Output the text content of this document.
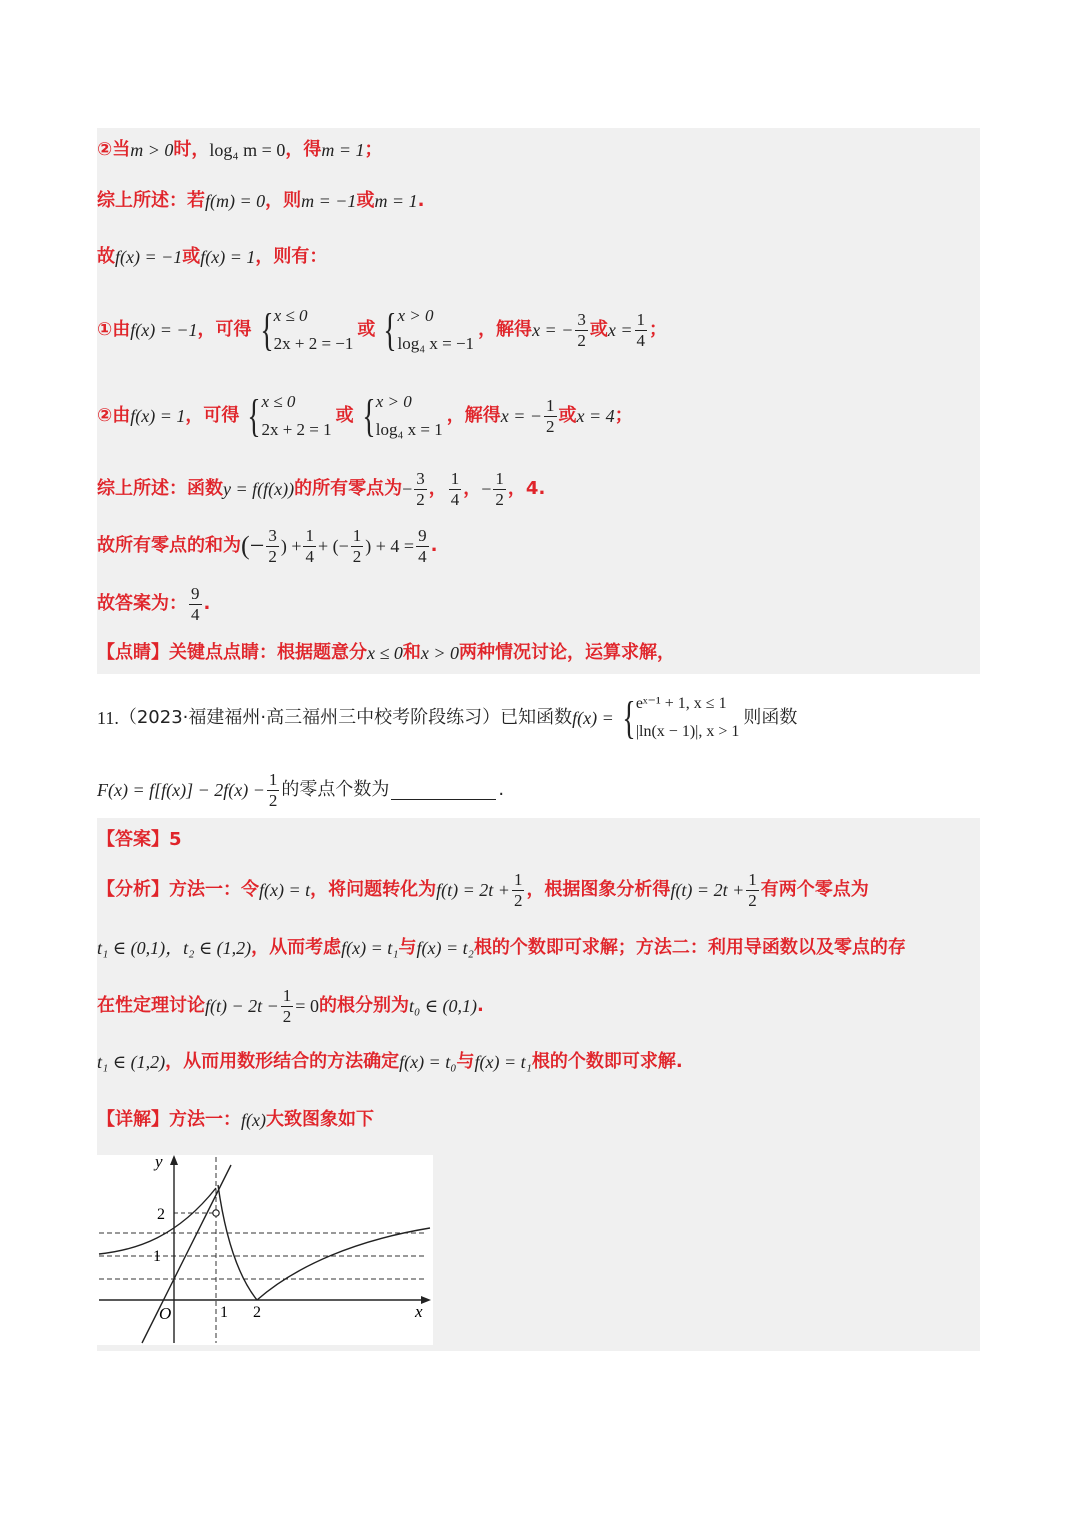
②当 m > 0 时， log₄ m = 0 ，得 m = 1 ；
综上所述：若 f(m) = 0 ，则 m = −1 或 m = 1 .
故 f(x) = −1 或 f(x) = 1 ，则有：
①由 f(x) = −1 ，可得 { x ≤ 0
2x + 2 = −1
或 { x > 0
log₄ x = −1
，解得 x = − $\frac{3}{2}$ 或 $x = \frac{1}{4}$ ；
②由 f(x) = 1 ，可得 { x ≤ 0
2x + 2 = 1
或 { x > 0
log₄ x = 1
，解得 x = − $\frac{1}{2}$ 或 x = 4 ；
综上所述：函数 y = f(f(x)) 的所有零点为 − $\frac{3}{2}$ ， $\frac{1}{4}$ ， − $\frac{1}{2}$ ，4.
故所有零点的和为 (− $\frac{3}{2}$ ) + $\frac{1}{4}$ + (− $\frac{1}{2}$ ) + $4 = \frac{9}{4}$ .
故答案为： $\frac{9}{4}$ .
【点睛】关键点点睛：根据题意分 x ≤ 0 和 x > 0 两种情况讨论，运算求解，
11. （2023·福建福州·高三福州三中校考阶段练习）已知函数 f(x) = { eˣ⁻¹ + 1, x ≤ 1
|ln(x − 1)|, x > 1
则函数
$F(x) = f[f(x)] - 2f(x) - \frac{1}{2}$ 的零点个数为	.
【答案】5
【分析】方法一：令 f(x) = t ，将问题转化为 $f(t) = 2t + \frac{1}{2}$ ，根据图象分析得 $f(t) = 2t + \frac{1}{2}$ 有两个零点为
t₁ ∈ (0,1)， t₂ ∈ (1,2) ，从而考虑 f(x) = t₁ 与 f(x) = t₂ 根的个数即可求解；方法二：利用导函数以及零点的存
在性定理讨论 $f(t) - 2t - \frac{1}{2} = 0$ 的根分别为 t₀ ∈ (0,1) .
t₁ ∈ (1,2) ，从而用数形结合的方法确定 f(x) = t₀ 与 f(x) = t₁ 根的个数即可求解.
【详解】方法一： f(x) 大致图象如下
y
x
O	1 2
1
2
